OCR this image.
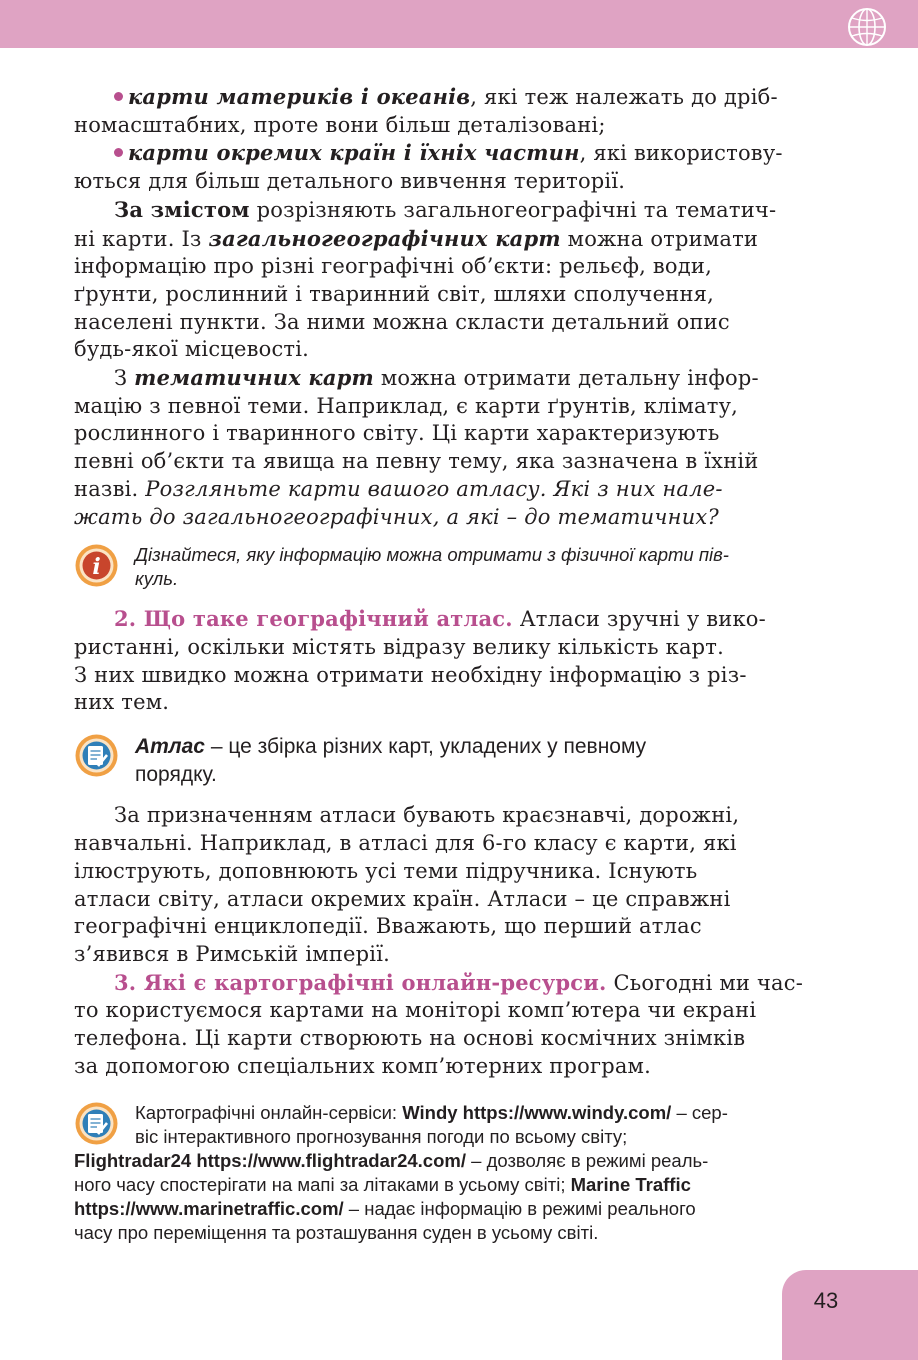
карти материків і океанів, які теж належать до дріб-
номасштабних, проте вони більш деталізовані;

карти окремих країн і їхніх частин, які використову-
ються для більш детального вивчення території.

За змістом розрізняють загальногеографічні та тематич-
ні карти. Із загальногеографічних карт можна отримати
інформацію про різні географічні об’єкти: рельєф, води,
ґрунти, рослинний і тваринний світ, шляхи сполучення,
населені пункти. За ними можна скласти детальний опис
будь-якої місцевості.

З тематичних карт можна отримати детальну інфор-
мацію з певної теми. Наприклад, є карти ґрунтів, клімату,
рослинного і тваринного світу. Ці карти характеризують
певні об’єкти та явища на певну тему, яка зазначена в їхній
назві. Розгляньте карти вашого атласу. Які з них нале-
жать до загальногеографічних, а які – до тематичних?

i Дізнайтеся, яку інформацію можна отримати з фізичної карти пів-
куль.

2. Що таке географічний атлас. Атласи зручні у вико-
ристанні, оскільки містять відразу велику кількість карт.
З них швидко можна отримати необхідну інформацію з різ-
них тем.

Атлас – це збірка різних карт, укладених у певному
порядку.

За призначенням атласи бувають краєзнавчі, дорожні,
навчальні. Наприклад, в атласі для 6-го класу є карти, які
ілюструють, доповнюють усі теми підручника. Існують
атласи світу, атласи окремих країн. Атласи – це справжні
географічні енциклопедії. Вважають, що перший атлас
з’явився в Римській імперії.

3. Які є картографічні онлайн-ресурси. Сьогодні ми час-
то користуємося картами на моніторі комп’ютера чи екрані
телефона. Ці карти створюють на основі космічних знімків
за допомогою спеціальних комп’ютерних програм.

Картографічні онлайн-сервіси: Windy https://www.windy.com/ – сер-
віс інтерактивного прогнозування погоди по всьому світу;

Flightradar24 https://www.flightradar24.com/ – дозволяє в режимі реаль-
ного часу спостерігати на мапі за літаками в усьому світі; Marine Traffic
https://www.marinetraffic.com/ – надає інформацію в режимі реального
часу про переміщення та розташування суден в усьому світі.

43
